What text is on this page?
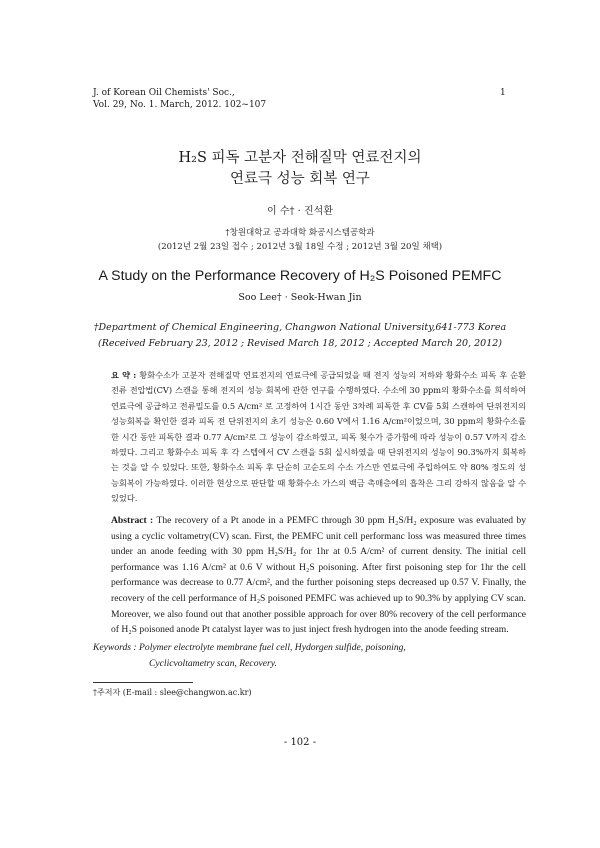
J. of Korean Oil Chemists' Soc.,
Vol. 29, No. 1. March, 2012. 102~107
1
H₂S 피독 고분자 전해질막 연료전지의
연료극 성능 회복 연구
이 수† · 진석환
†창원대학교 공과대학 화공시스템공학과
(2012년 2월 23일 접수 ; 2012년 3월 18일 수정 ; 2012년 3월 20일 채택)
A Study on the Performance Recovery of H₂S Poisoned PEMFC
Soo Lee† · Seok-Hwan Jin
†Department of Chemical Engineering, Changwon National University,641-773 Korea
(Received February 23, 2012 ; Revised March 18, 2012 ; Accepted March 20, 2012)
요 약 : 황화수소가 고분자 전해질막 연료전지의 연료극에 공급되었을 때 전지 성능의 저하와 황화수소 피독 후 순환전류 전압법(CV) 스캔을 통해 전지의 성능 회복에 관한 연구를 수행하였다. 수소에 30 ppm의 황화수소를 희석하여 연료극에 공급하고 전류밀도를 0.5 A/cm² 로 고정하여 1시간 동안 3차례 피독한 후 CV를 5회 스캔하여 단위전지의 성능회복을 확인한 결과 피독 전 단위전지의 초기 성능은 0.60 V에서 1.16 A/cm²이었으며, 30 ppm의 황화수소를 한 시간 동안 피독한 결과 0.77 A/cm²로 그 성능이 감소하였고, 피독 횟수가 증가함에 따라 성능이 0.57 V까지 감소하였다. 그리고 황화수소 피독 후 각 스텝에서 CV 스캔을 5회 실시하였을 때 단위전지의 성능이 90.3%까지 회복하는 것을 알 수 있었다. 또한, 황화수소 피독 후 단순히 고순도의 수소 가스만 연료극에 주입하여도 약 80% 정도의 성능회복이 가능하였다. 이러한 현상으로 판단할 때 황화수소 가스의 백금 촉매층에의 흡착은 그리 강하지 않음을 알 수 있었다.
Abstract : The recovery of a Pt anode in a PEMFC through 30 ppm H₂S/H₂ exposure was evaluated by using a cyclic voltametry(CV) scan. First, the PEMFC unit cell performanc loss was measured three times under an anode feeding with 30 ppm H₂S/H₂ for 1hr at 0.5 A/cm² of current density. The initial cell performance was 1.16 A/cm² at 0.6 V without H₂S poisoning. After first poisoning step for 1hr the cell performance was decrease to 0.77 A/cm², and the further poisoning steps decreased up 0.57 V. Finally, the recovery of the cell performance of H₂S poisoned PEMFC was achieved up to 90.3% by applying CV scan. Moreover, we also found out that another possible approach for over 80% recovery of the cell performance of H₂S poisoned anode Pt catalyst layer was to just inject fresh hydrogen into the anode feeding stream.
Keywords : Polymer electrolyte membrane fuel cell, Hydorgen sulfide, poisoning,
Cyclicvoltametry scan, Recovery.
†주저자 (E-mail : slee@changwon.ac.kr)
- 102 -
